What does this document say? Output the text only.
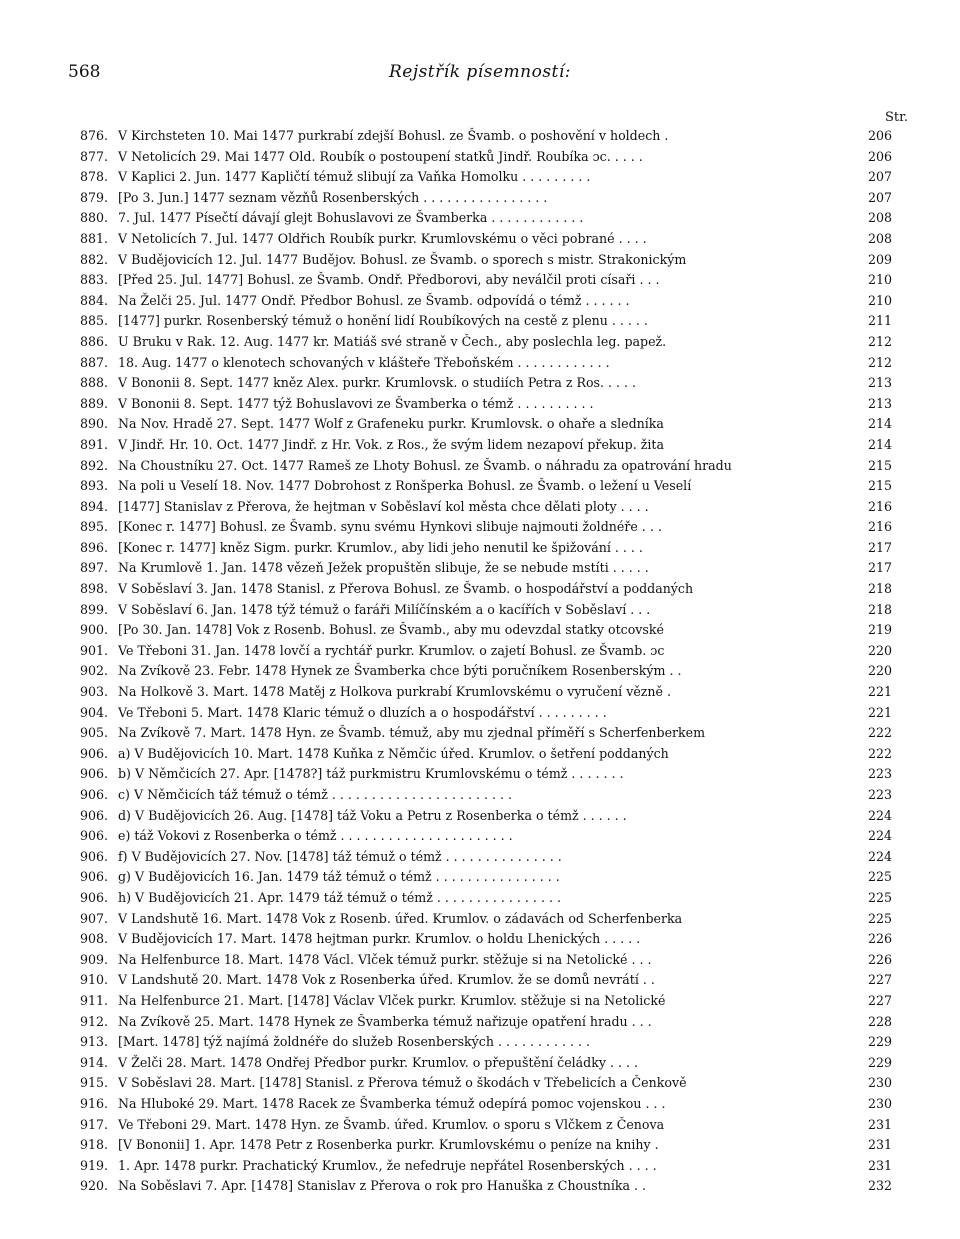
568	Rejstřík písemností:
Str.
876. V Kirchsteten 10. Mai 1477 purkrabí zdejší Bohusl. ze Švamb. o poshovění v holdech .	206
877. V Netolicích 29. Mai 1477 Old. Roubík o postoupení statků Jindř. Roubíka ɔc. . . . .	206
878. V Kaplici 2. Jun. 1477 Kapličtí témuž slibují za Vaňka Homolku . . . . . . . . .	207
879. [Po 3. Jun.] 1477 seznam vězňů Rosenberských . . . . . . . . . . . . . . . .	207
880. 7. Jul. 1477 Písečtí dávají glejt Bohuslavovi ze Švamberka . . . . . . . . . . . .	208
881. V Netolicích 7. Jul. 1477 Oldřich Roubík purkr. Krumlovskému o věci pobrané . . . .	208
882. V Budějovicích 12. Jul. 1477 Budějov. Bohusl. ze Švamb. o sporech s mistr. Strakonickým	209
883. [Před 25. Jul. 1477] Bohusl. ze Švamb. Ondř. Předborovi, aby neválčil proti císaři . . .	210
884. Na Želči 25. Jul. 1477 Ondř. Předbor Bohusl. ze Švamb. odpovídá o témž . . . . . .	210
885. [1477] purkr. Rosenberský témuž o honění lidí Roubíkových na cestě z plenu . . . . .	211
886. U Bruku v Rak. 12. Aug. 1477 kr. Matiáš své straně v Čech., aby poslechla leg. papež.	212
887. 18. Aug. 1477 o klenotech schovaných v klášteře Třeboňském . . . . . . . . . . . .	212
888. V Bononii 8. Sept. 1477 kněz Alex. purkr. Krumlovsk. o studiích Petra z Ros. . . . .	213
889. V Bononii 8. Sept. 1477 týž Bohuslavovi ze Švamberka o témž . . . . . . . . . .	213
890. Na Nov. Hradě 27. Sept. 1477 Wolf z Grafeneku purkr. Krumlovsk. o ohaře a sledníka	214
891. V Jindř. Hr. 10. Oct. 1477 Jindř. z Hr. Vok. z Ros., že svým lidem nezapoví překup. žita	214
892. Na Choustníku 27. Oct. 1477 Rameš ze Lhoty Bohusl. ze Švamb. o náhradu za opatrování hradu	215
893. Na poli u Veselí 18. Nov. 1477 Dobrohost z Ronšperka Bohusl. ze Švamb. o ležení u Veselí	215
894. [1477] Stanislav z Přerova, že hejtman v Soběslaví kol města chce dělati ploty . . . .	216
895. [Konec r. 1477] Bohusl. ze Švamb. synu svému Hynkovi slibuje najmouti žoldnéře . . .	216
896. [Konec r. 1477] kněz Sigm. purkr. Krumlov., aby lidi jeho nenutil ke špižování . . . .	217
897. Na Krumlově 1. Jan. 1478 vězeň Ježek propuštěn slibuje, že se nebude mstíti . . . . .	217
898. V Soběslaví 3. Jan. 1478 Stanisl. z Přerova Bohusl. ze Švamb. o hospodářství a poddaných	218
899. V Soběslaví 6. Jan. 1478 týž témuž o faráři Milíčínském a o kacířích v Soběslaví . . .	218
900. [Po 30. Jan. 1478] Vok z Rosenb. Bohusl. ze Švamb., aby mu odevzdal statky otcovské	219
901. Ve Třeboni 31. Jan. 1478 lovčí a rychtář purkr. Krumlov. o zajetí Bohusl. ze Švamb. ɔc	220
902. Na Zvíkově 23. Febr. 1478 Hynek ze Švamberka chce býti poručníkem Rosenberským . .	220
903. Na Holkově 3. Mart. 1478 Matěj z Holkova purkrabí Krumlovskému o vyručení vězně .	221
904. Ve Třeboni 5. Mart. 1478 Klaric témuž o dluzích a o hospodářství . . . . . . . . .	221
905. Na Zvíkově 7. Mart. 1478 Hyn. ze Švamb. témuž, aby mu zjednal příměří s Scherfenberkem	222
906. a) V Budějovicích 10. Mart. 1478 Kuňka z Němčic úřed. Krumlov. o šetření poddaných	222
906. b) V Němčicích 27. Apr. [1478?] táž purkmistru Krumlovskému o témž . . . . . . .	223
906. c) V Němčicích táž témuž o témž . . . . . . . . . . . . . . . . . . . . . . .	223
906. d) V Budějovicích 26. Aug. [1478] táž Voku a Petru z Rosenberka o témž . . . . . .	224
906. e) táž Vokovi z Rosenberka o témž . . . . . . . . . . . . . . . . . . . . . .	224
906. f) V Budějovicích 27. Nov. [1478] táž témuž o témž . . . . . . . . . . . . . . .	224
906. g) V Budějovicích 16. Jan. 1479 táž témuž o témž . . . . . . . . . . . . . . . .	225
906. h) V Budějovicích 21. Apr. 1479 táž témuž o témž . . . . . . . . . . . . . . . .	225
907. V Landshutě 16. Mart. 1478 Vok z Rosenb. úřed. Krumlov. o zádavách od Scherfenberka	225
908. V Budějovicích 17. Mart. 1478 hejtman purkr. Krumlov. o holdu Lhenických . . . . .	226
909. Na Helfenburce 18. Mart. 1478 Václ. Vlček témuž purkr. stěžuje si na Netolické . . .	226
910. V Landshutě 20. Mart. 1478 Vok z Rosenberka úřed. Krumlov. že se domů nevrátí . .	227
911. Na Helfenburce 21. Mart. [1478] Václav Vlček purkr. Krumlov. stěžuje si na Netolické	227
912. Na Zvíkově 25. Mart. 1478 Hynek ze Švamberka témuž nařizuje opatření hradu . . .	228
913. [Mart. 1478] týž najímá žoldnéře do služeb Rosenberských . . . . . . . . . . . .	229
914. V Želči 28. Mart. 1478 Ondřej Předbor purkr. Krumlov. o přepuštění čeládky . . . .	229
915. V Soběslavi 28. Mart. [1478] Stanisl. z Přerova témuž o škodách v Třebelicích a Čenkově	230
916. Na Hluboké 29. Mart. 1478 Racek ze Švamberka témuž odepírá pomoc vojenskou . . .	230
917. Ve Třeboni 29. Mart. 1478 Hyn. ze Švamb. úřed. Krumlov. o sporu s Vlčkem z Čenova	231
918. [V Bononii] 1. Apr. 1478 Petr z Rosenberka purkr. Krumlovskému o peníze na knihy .	231
919. 1. Apr. 1478 purkr. Prachatický Krumlov., že nefedruje nepřátel Rosenberských . . . .	231
920. Na Soběslavi 7. Apr. [1478] Stanislav z Přerova o rok pro Hanuška z Choustníka . .	232
